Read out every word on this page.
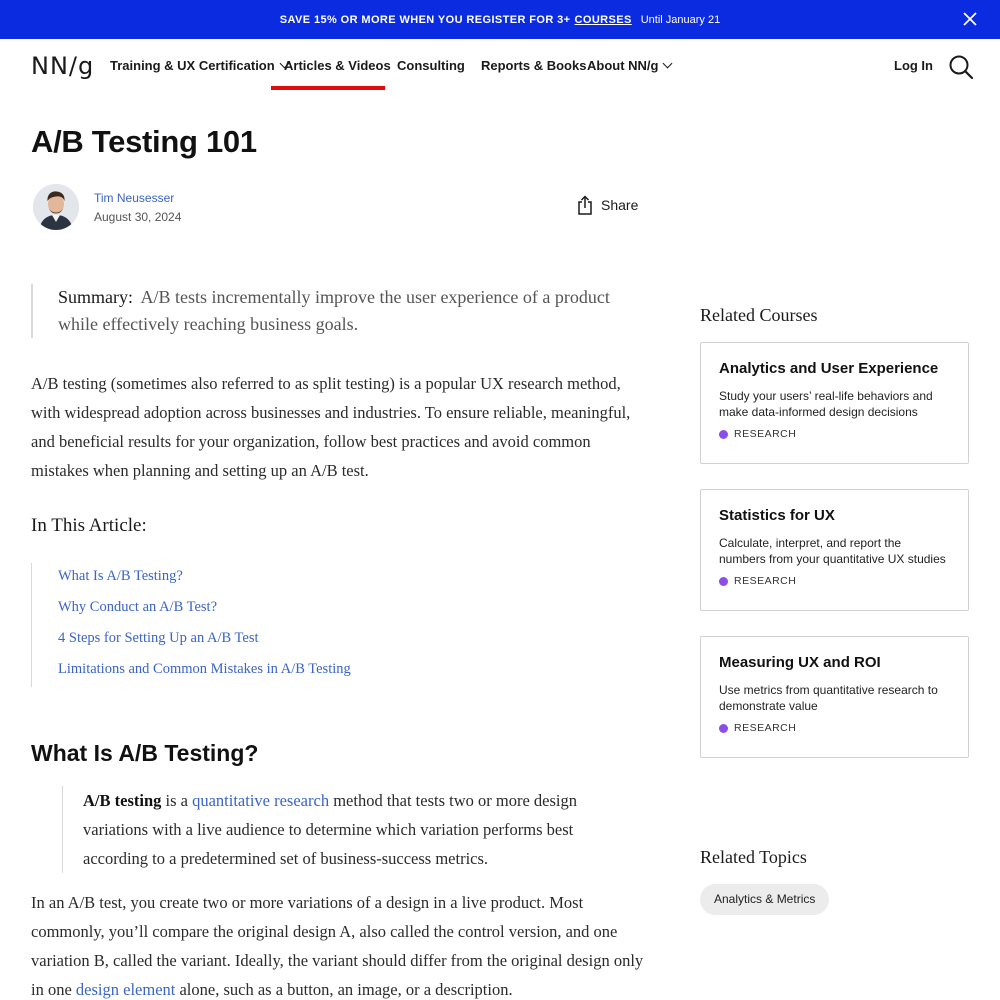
SAVE 15% OR MORE WHEN YOU REGISTER FOR 3+ COURSES Until January 21
NN/g Training & UX Certification Articles & Videos Consulting Reports & Books About NN/g	Log In
A/B Testing 101
Tim Neusesser
August 30, 2024
Share
Summary: A/B tests incrementally improve the user experience of a product while effectively reaching business goals.

A/B testing (sometimes also referred to as split testing) is a popular UX research method, with widespread adoption across businesses and industries. To ensure reliable, meaningful, and beneficial results for your organization, follow best practices and avoid common mistakes when planning and setting up an A/B test.

In This Article:
What Is A/B Testing?
Why Conduct an A/B Test?
4 Steps for Setting Up an A/B Test
Limitations and Common Mistakes in A/B Testing
What Is A/B Testing?
A/B testing is a quantitative research method that tests two or more design variations with a live audience to determine which variation performs best according to a predetermined set of business-success metrics.

In an A/B test, you create two or more variations of a design in a live product. Most commonly, you’ll compare the original design A, also called the control version, and one variation B, called the variant. Ideally, the variant should differ from the original design only in one design element alone, such as a button, an image, or a description.

Related Courses
Analytics and User Experience
Study your users’ real-life behaviors and make data-informed design decisions
RESEARCH
Statistics for UX
Calculate, interpret, and report the numbers from your quantitative UX studies
RESEARCH
Measuring UX and ROI
Use metrics from quantitative research to demonstrate value
RESEARCH
Related Topics
Analytics & Metrics
